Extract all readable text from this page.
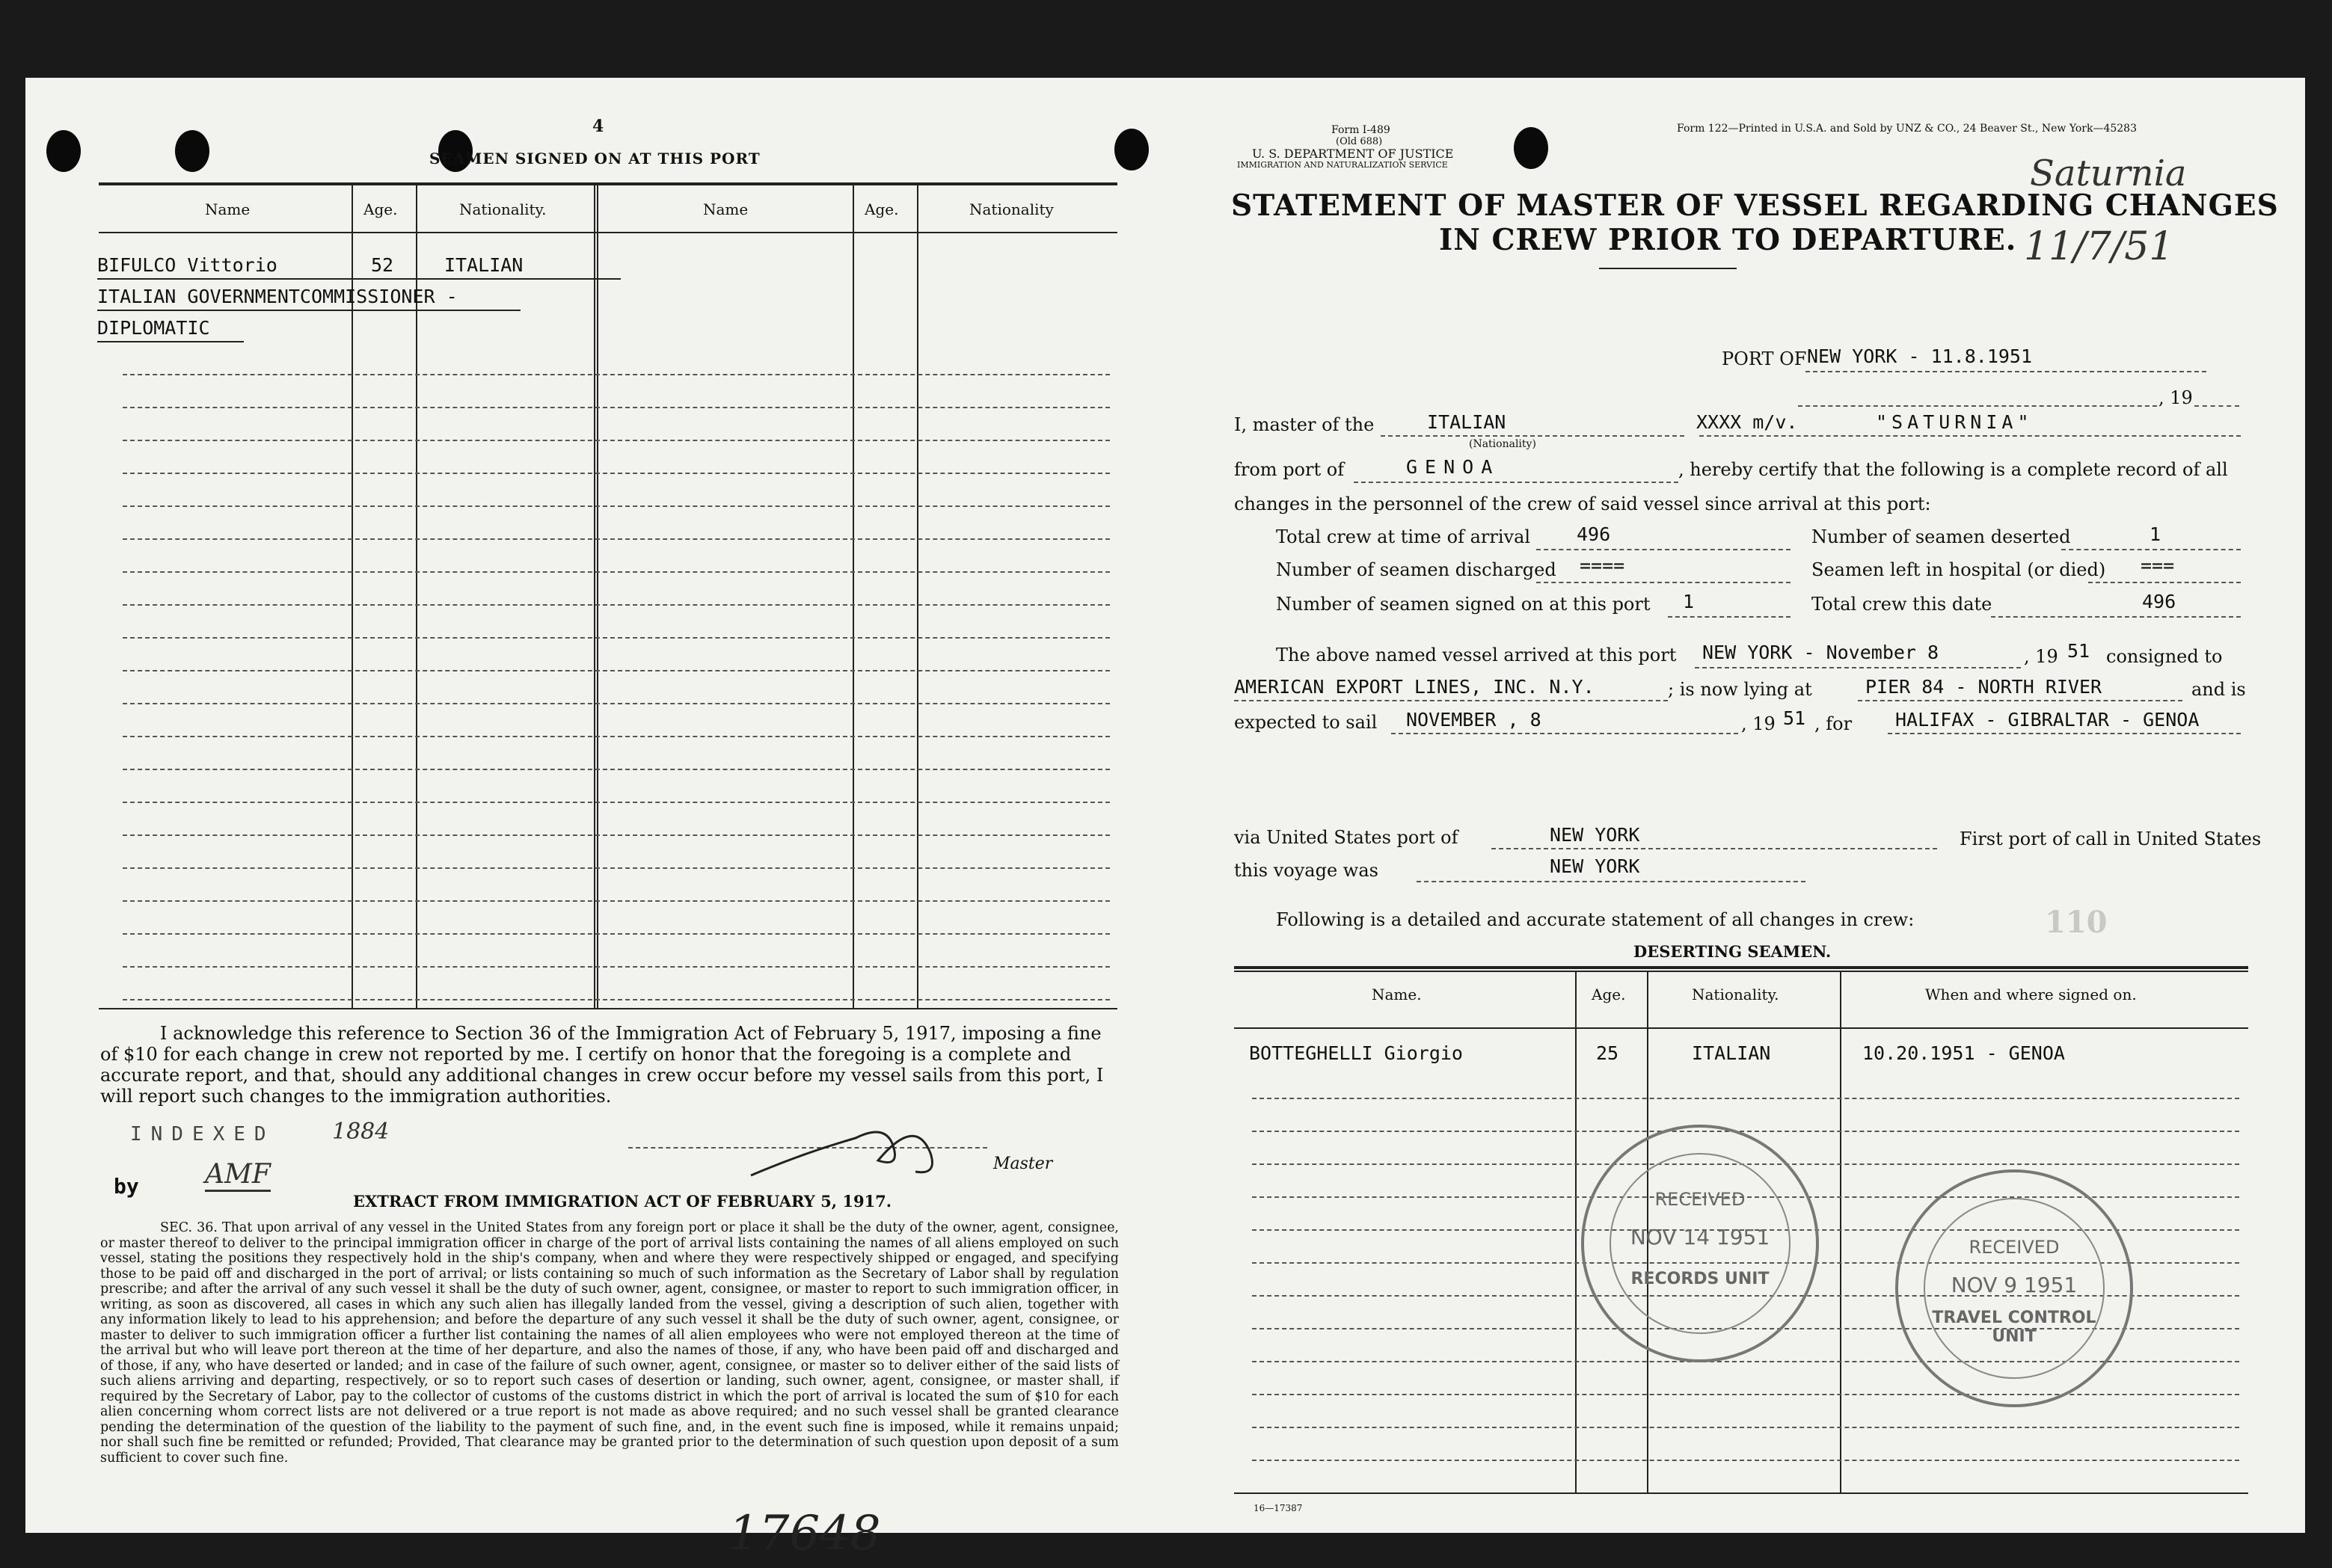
4
SEAMEN SIGNED ON AT THIS PORT
Name	Age.	Nationality.	Name	Age.	Nationality
BIFULCO Vittorio	52	ITALIAN
ITALIAN GOVERNMENTCOMMISSIONER -
DIPLOMATIC
I acknowledge this reference to Section 36 of the Immigration Act of February 5, 1917, imposing a fine of $10 for each change in crew not reported by me. I certify on honor that the foregoing is a complete and accurate report, and that, should any additional changes in crew occur before my vessel sails from this port, I will report such changes to the immigration authorities.
INDEXED	1884
by AMF	Master
EXTRACT FROM IMMIGRATION ACT OF FEBRUARY 5, 1917.
SEC. 36. That upon arrival of any vessel in the United States from any foreign port or place it shall be the duty of the owner, agent, consignee, or master thereof to deliver to the principal immigration officer in charge of the port of arrival lists containing the names of all aliens employed on such vessel, stating the positions they respectively hold in the ship's company, when and where they were respectively shipped or engaged, and specifying those to be paid off and discharged in the port of arrival; or lists containing so much of such information as the Secretary of Labor shall by regulation prescribe; and after the arrival of any such vessel it shall be the duty of such owner, agent, consignee, or master to report to such immigration officer, in writing, as soon as discovered, all cases in which any such alien has illegally landed from the vessel, giving a description of such alien, together with any information likely to lead to his apprehension; and before the departure of any such vessel it shall be the duty of such owner, agent, consignee, or master to deliver to such immigration officer a further list containing the names of all alien employees who were not employed thereon at the time of the arrival but who will leave port thereon at the time of her departure, and also the names of those, if any, who have been paid off and discharged and of those, if any, who have deserted or landed; and in case of the failure of such owner, agent, consignee, or master so to deliver either of the said lists of such aliens arriving and departing, respectively, or so to report such cases of desertion or landing, such owner, agent, consignee, or master shall, if required by the Secretary of Labor, pay to the collector of customs of the customs district in which the port of arrival is located the sum of $10 for each alien concerning whom correct lists are not delivered or a true report is not made as above required; and no such vessel shall be granted clearance pending the determination of the question of the liability to the payment of such fine, and, in the event such fine is imposed, while it remains unpaid; nor shall such fine be remitted or refunded; Provided, That clearance may be granted prior to the determination of such question upon deposit of a sum sufficient to cover such fine.
17648
Form I-489
(Old 688)
U. S. DEPARTMENT OF JUSTICE
IMMIGRATION AND NATURALIZATION SERVICE
Form 122—Printed in U.S.A. and Sold by UNZ & CO., 24 Beaver St., New York—45283
STATEMENT OF MASTER OF VESSEL REGARDING CHANGES
IN CREW PRIOR TO DEPARTURE.
Saturnia
11/7/51
PORT OF NEW YORK - 11.8.1951
, 19
I, master of the	ITALIAN
(Nationality)
XXXX m/v.	"SATURNIA"
from port of	GENOA	, hereby certify that the following is a complete record of all
changes in the personnel of the crew of said vessel since arrival at this port:
Total crew at time of arrival 496	Number of seamen deserted	1
Number of seamen discharged ====	Seamen left in hospital (or died) ===
Number of seamen signed on at this port 1	Total crew this date	496
The above named vessel arrived at this port NEW YORK - November 8	, 19 51 consigned to
AMERICAN EXPORT LINES, INC. N.Y.	; is now lying at	PIER 84 - NORTH RIVER	and is
expected to sail NOVEMBER , 8	, 19 51 , for HALIFAX - GIBRALTAR - GENOA
via United States port of	NEW YORK	First port of call in United States
this voyage was	NEW YORK
Following is a detailed and accurate statement of all changes in crew:	110
DESERTING SEAMEN.
Name.	Age.	Nationality.	When and where signed on.
BOTTEGHELLI Giorgio	25	ITALIAN	10.20.1951 - GENOA
RECEIVED
NOV 14 1951
RECORDS UNIT
RECEIVED
NOV 9 1951
TRAVEL CONTROL UNIT
16—17387
